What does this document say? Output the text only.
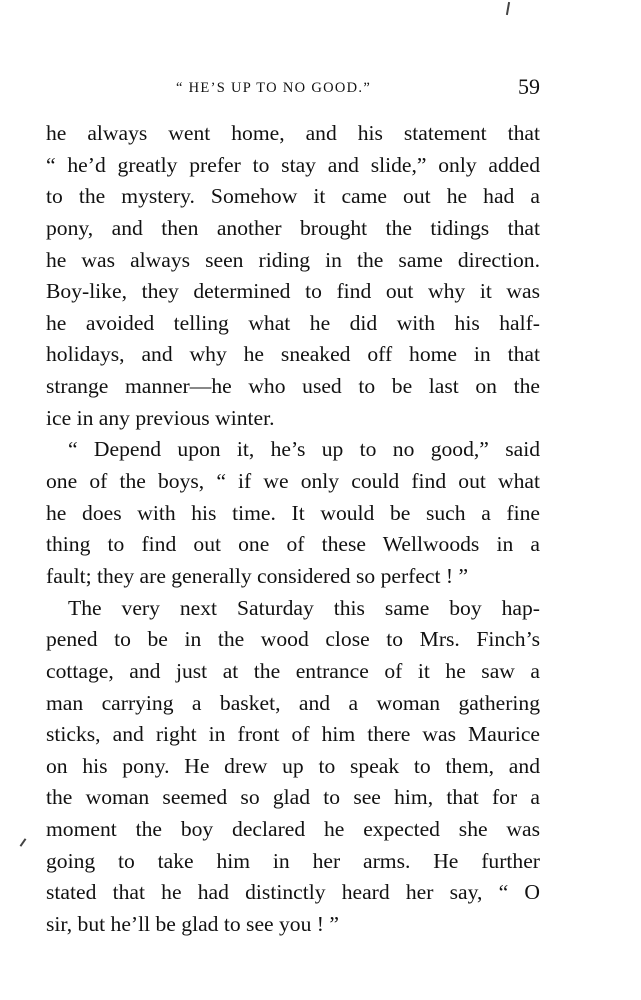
“ HE’S UP TO NO GOOD.”	59
he always went home, and his statement that
“ he’d greatly prefer to stay and slide,” only added
to the mystery. Somehow it came out he had a
pony, and then another brought the tidings that
he was always seen riding in the same direction.
Boy-like, they determined to find out why it was
he avoided telling what he did with his half-
holidays, and why he sneaked off home in that
strange manner—he who used to be last on the
ice in any previous winter.
“ Depend upon it, he’s up to no good,” said
one of the boys, “ if we only could find out what
he does with his time. It would be such a fine
thing to find out one of these Wellwoods in a
fault; they are generally considered so perfect ! ”
The very next Saturday this same boy hap-
pened to be in the wood close to Mrs. Finch’s
cottage, and just at the entrance of it he saw a
man carrying a basket, and a woman gathering
sticks, and right in front of him there was Maurice
on his pony. He drew up to speak to them, and
the woman seemed so glad to see him, that for a
moment the boy declared he expected she was
going to take him in her arms. He further
stated that he had distinctly heard her say, “ O
sir, but he’ll be glad to see you ! ”
